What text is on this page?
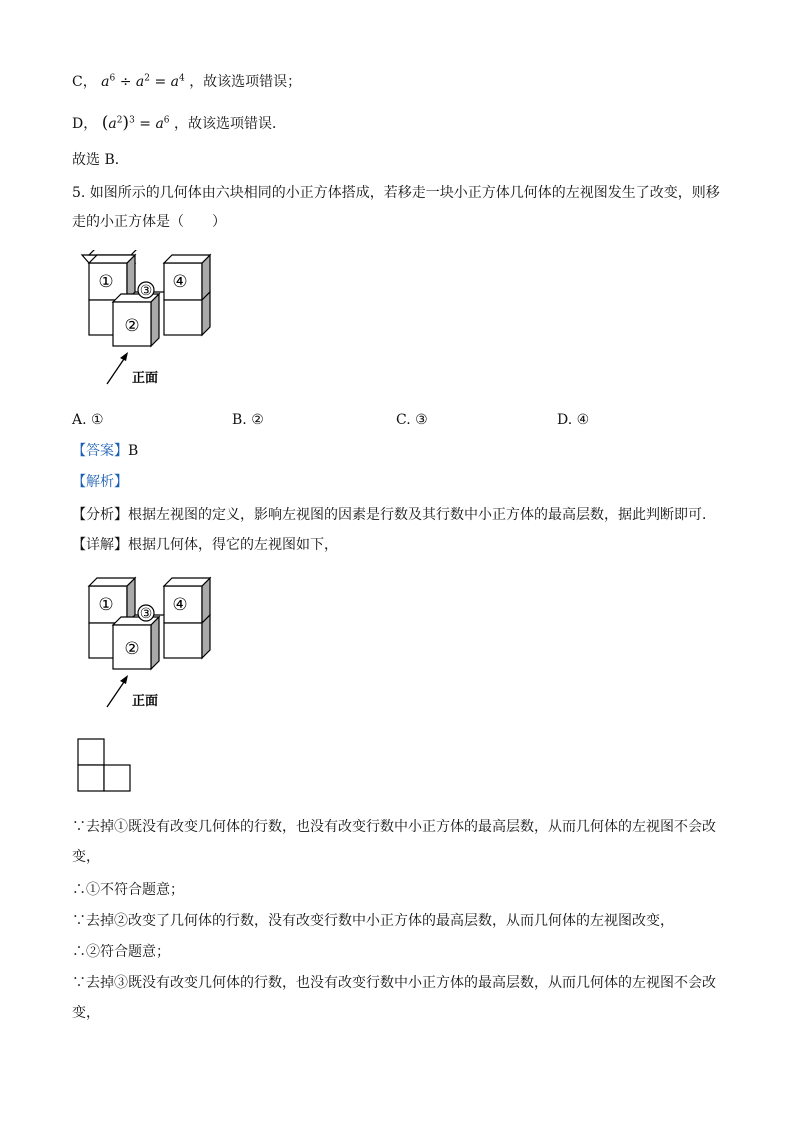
C， $a^6 \div a^2 = a^4$ ，故该选项错误；
D， $(a^2)^3 = a^6$ ，故该选项错误．
故选 B．
5. 如图所示的几何体由六块相同的小正方体搭成，若移走一块小正方体几何体的左视图发生了改变，则移
走的小正方体是（　　）
① ③ ④
②
正面
A. ①	B. ②	C. ③	D. ④
【答案】B
【解析】
【分析】根据左视图的定义，影响左视图的因素是行数及其行数中小正方体的最高层数，据此判断即可．
【详解】根据几何体，得它的左视图如下，
① ③ ④
②
正面
∵去掉①既没有改变几何体的行数，也没有改变行数中小正方体的最高层数，从而几何体的左视图不会改
变，
∴①不符合题意；
∵去掉②改变了几何体的行数，没有改变行数中小正方体的最高层数，从而几何体的左视图改变，
∴②符合题意；
∵去掉③既没有改变几何体的行数，也没有改变行数中小正方体的最高层数，从而几何体的左视图不会改
变，
